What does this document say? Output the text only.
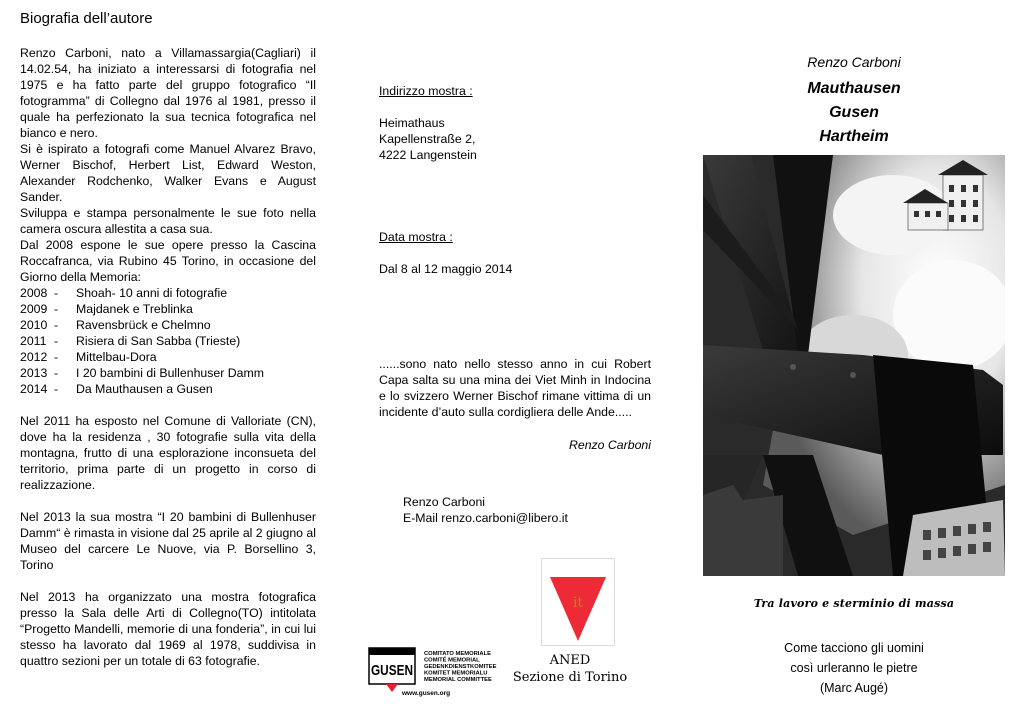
Biografia dell’autore

Renzo Carboni, nato a Villamassargia(Cagliari) il 14.02.54, ha iniziato a interessarsi di fotografia nel 1975 e ha fatto parte del gruppo fotografico “Il fotogramma” di Collegno dal 1976 al 1981, presso il quale ha perfezionato la sua tecnica fotografica nel bianco e nero.

Si è ispirato a fotografi come Manuel Alvarez Bravo, Werner Bischof, Herbert List, Edward Weston, Alexander Rodchenko, Walker Evans e August Sander.

Sviluppa e stampa personalmente le sue foto nella camera oscura allestita a casa sua.

Dal 2008 espone le sue opere presso la Cascina Roccafranca, via Rubino 45 Torino, in occasione del Giorno della Memoria:

2008 -	Shoah- 10 anni di fotografie
2009 -	Majdanek e Treblinka
2010 -	Ravensbrück e Chelmno
2011 -	Risiera di San Sabba (Trieste)
2012 -	Mittelbau-Dora
2013 -	I 20 bambini di Bullenhuser Damm
2014 -	Da Mauthausen a Gusen

Nel 2011 ha esposto nel Comune di Valloriate (CN), dove ha la residenza , 30 fotografie sulla vita della montagna, frutto di una esplorazione inconsueta del territorio, prima parte di un progetto in corso di realizzazione.

Nel 2013 la sua mostra “I 20 bambini di Bullenhuser Damm“ è rimasta in visione dal 25 aprile al 2 giugno al Museo del carcere Le Nuove, via P. Borsellino 3, Torino

Nel 2013 ha organizzato una mostra fotografica presso la Sala delle Arti di Collegno(TO) intitolata “Progetto Mandelli, memorie di una fonderia”, in cui lui stesso ha lavorato dal 1969 al 1978, suddivisa in quattro sezioni per un totale di 63 fotografie.

Indirizzo mostra :
Heimathaus
Kapellenstraße 2,
4222 Langenstein
Data mostra :
Dal 8 al 12 maggio 2014
......sono nato nello stesso anno in cui Robert Capa salta su una mina dei Viet Minh in Indocina e lo svizzero Werner Bischof rimane vittima di un incidente d’auto sulla cordigliera delle Ande.....
Renzo Carboni
Renzo Carboni
E-Mail renzo.carboni@libero.it
GUSEN
COMITATO MEMORIALE
COMITÉ MEMORIAL
GEDENKDIENSTKOMITEE
KOMITET MEMORIALU
MEMORIAL COMMITTEE
www.gusen.org
it
ANED
Sezione di Torino
Renzo Carboni
Mauthausen
Gusen
Hartheim
Tra lavoro e sterminio di massa
Come tacciono gli uomini
così urleranno le pietre
(Marc Augé)
